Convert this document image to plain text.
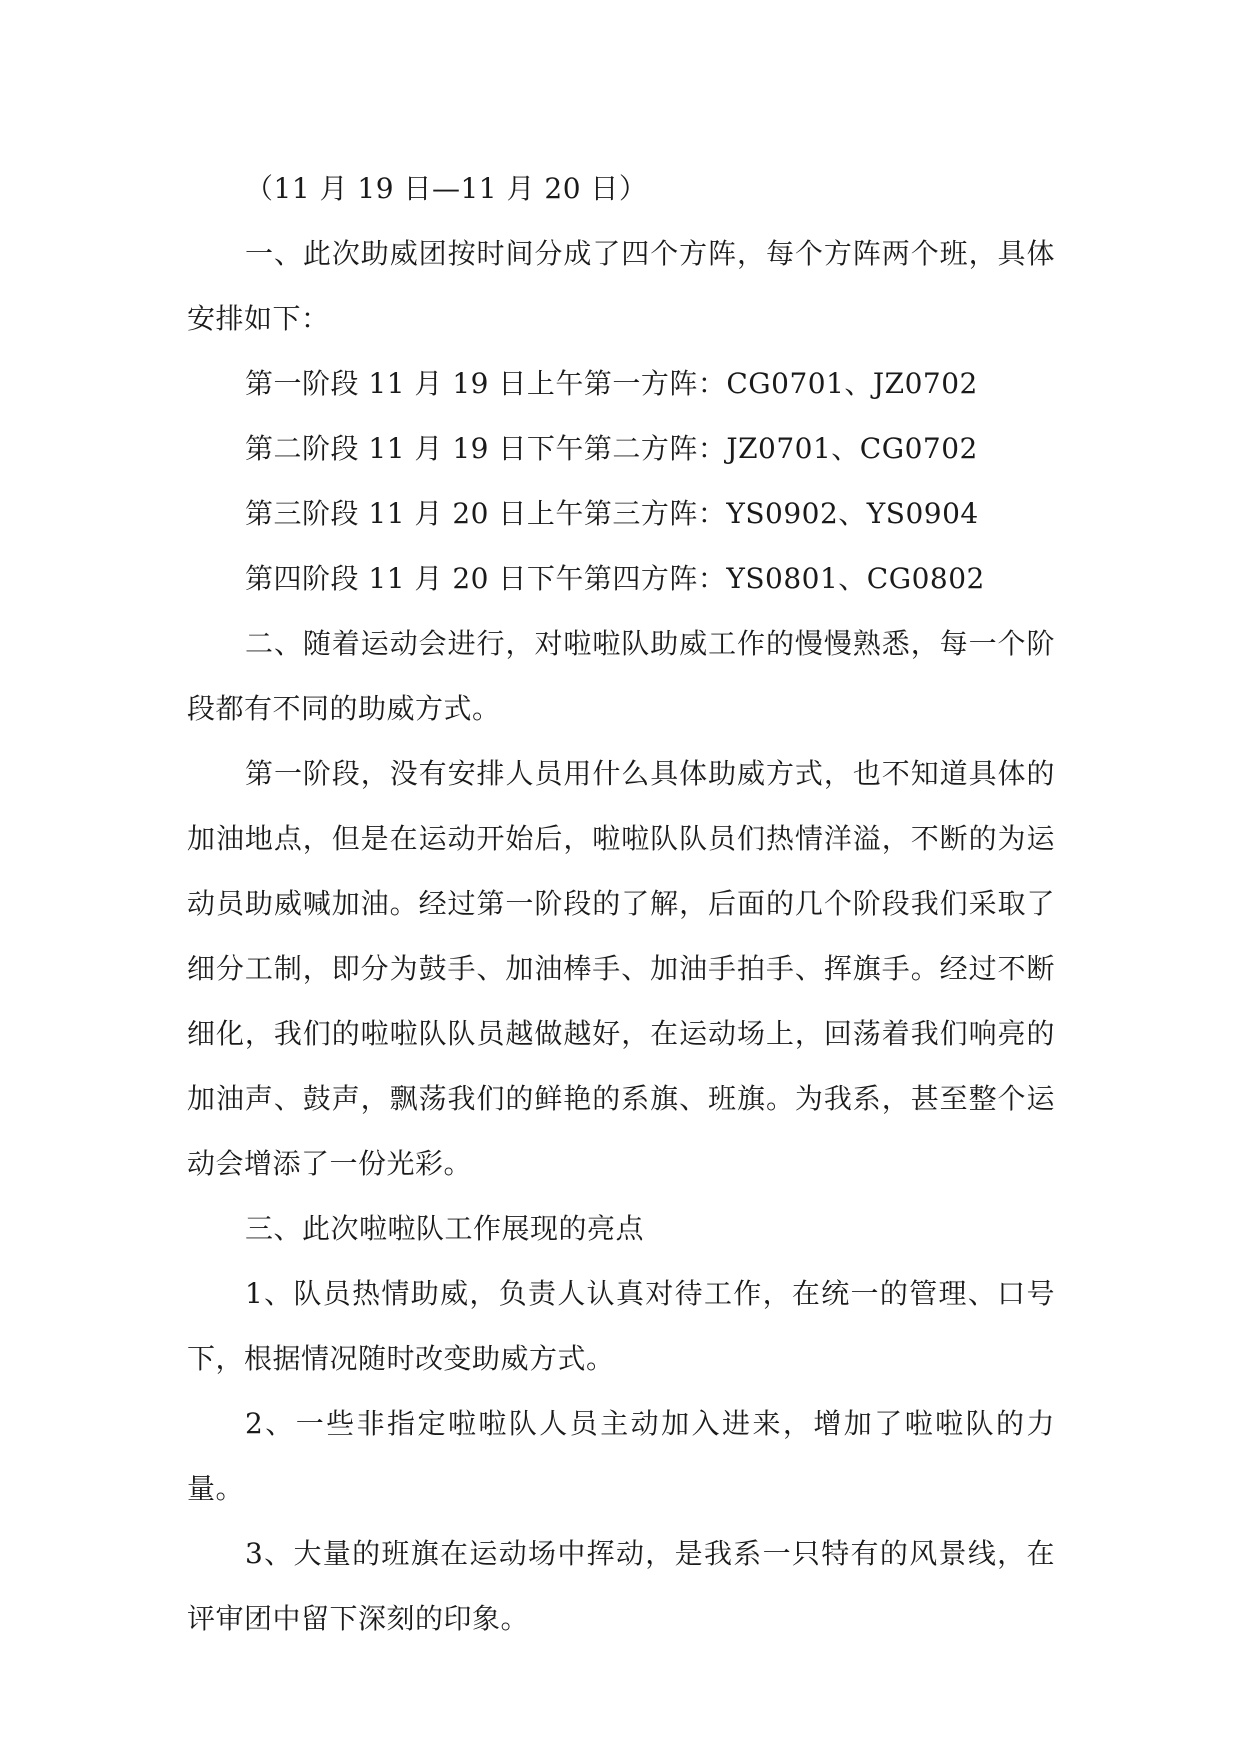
（11 月 19 日—11 月 20 日）

一、此次助威团按时间分成了四个方阵，每个方阵两个班，具体安排如下：

第一阶段 11 月 19 日上午第一方阵：CG0701、JZ0702

第二阶段 11 月 19 日下午第二方阵：JZ0701、CG0702

第三阶段 11 月 20 日上午第三方阵：YS0902、YS0904

第四阶段 11 月 20 日下午第四方阵：YS0801、CG0802

二、随着运动会进行，对啦啦队助威工作的慢慢熟悉，每一个阶段都有不同的助威方式。

第一阶段，没有安排人员用什么具体助威方式，也不知道具体的加油地点，但是在运动开始后，啦啦队队员们热情洋溢，不断的为运动员助威喊加油。经过第一阶段的了解，后面的几个阶段我们采取了细分工制，即分为鼓手、加油棒手、加油手拍手、挥旗手。经过不断细化，我们的啦啦队队员越做越好，在运动场上，回荡着我们响亮的加油声、鼓声，飘荡我们的鲜艳的系旗、班旗。为我系，甚至整个运动会增添了一份光彩。

三、此次啦啦队工作展现的亮点

1、队员热情助威，负责人认真对待工作，在统一的管理、口号下，根据情况随时改变助威方式。

2、一些非指定啦啦队人员主动加入进来，增加了啦啦队的力量。

3、大量的班旗在运动场中挥动，是我系一只特有的风景线，在评审团中留下深刻的印象。
